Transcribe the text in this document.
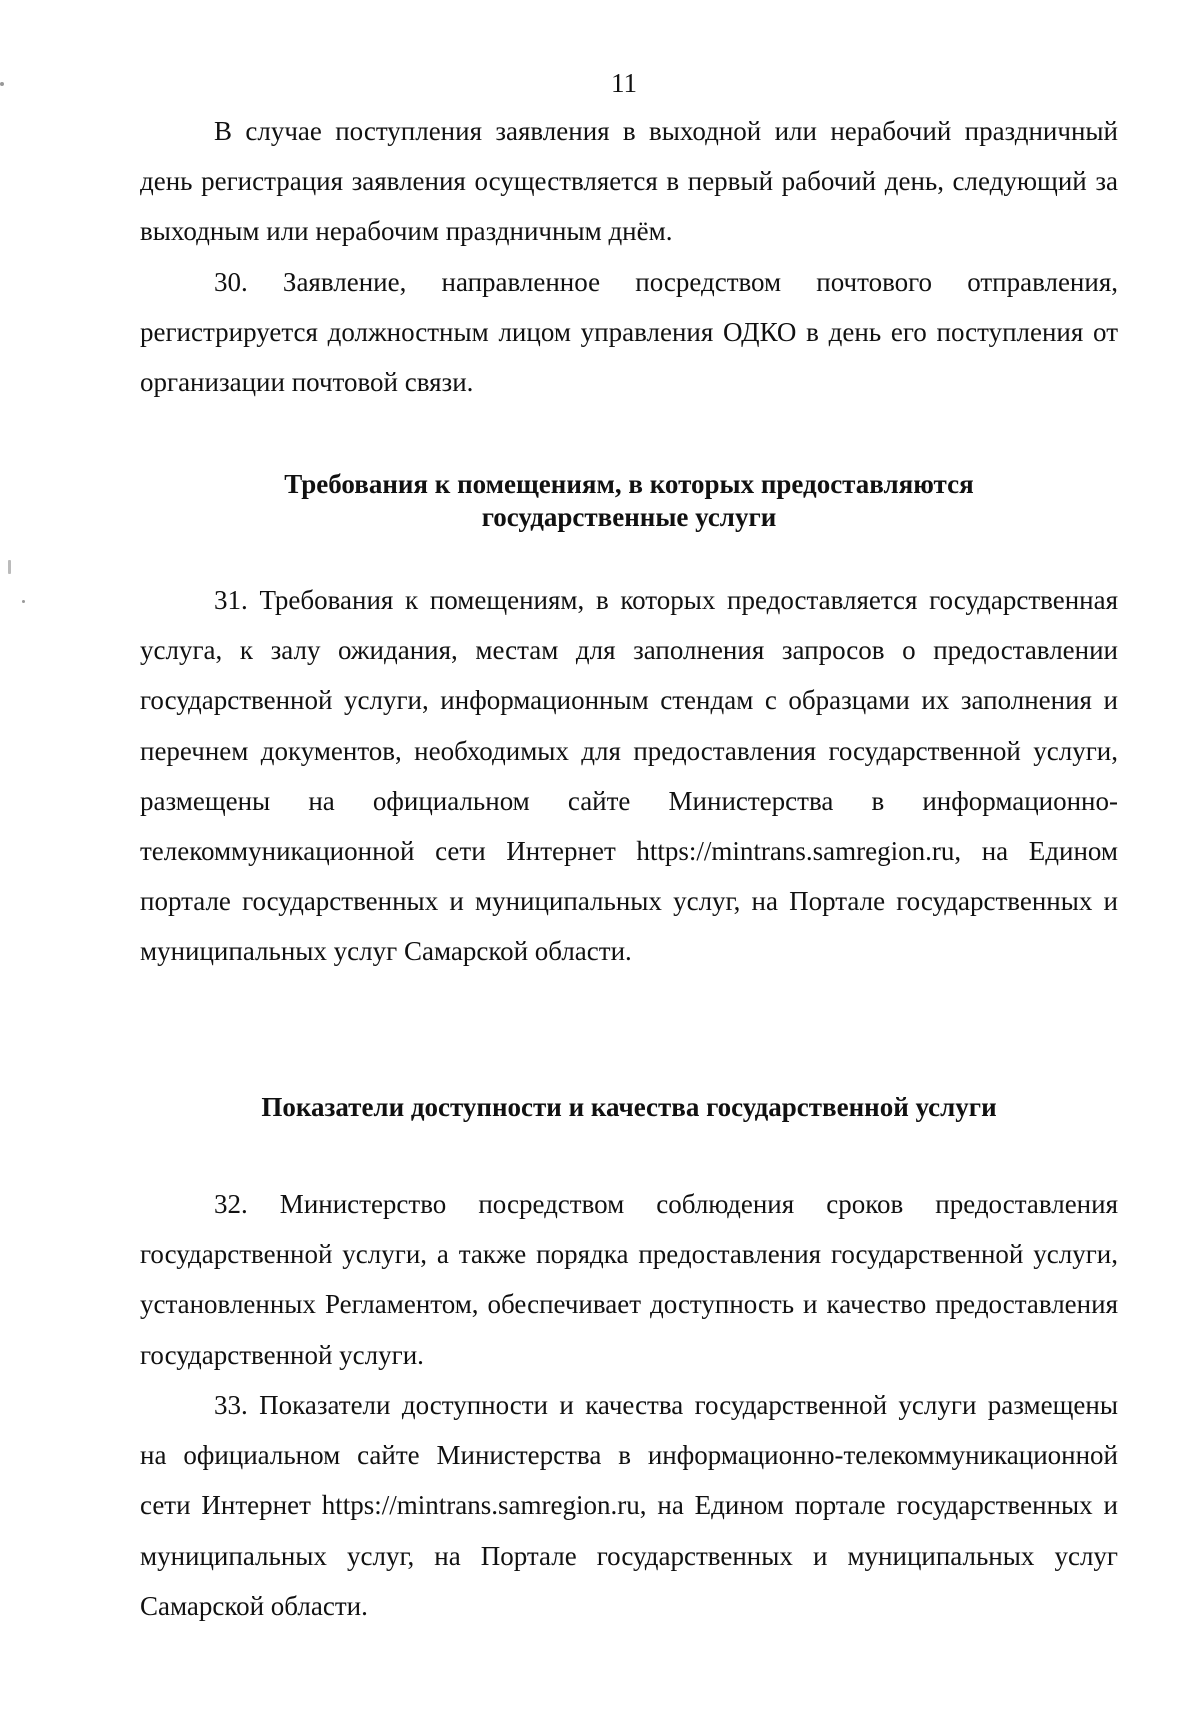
11

В случае поступления заявления в выходной или нерабочий праздничный день регистрация заявления осуществляется в первый рабочий день, следующий за выходным или нерабочим праздничным днём.

30. Заявление, направленное посредством почтового отправления, регистрируется должностным лицом управления ОДКО в день его поступления от организации почтовой связи.

Требования к помещениям, в которых предоставляются
государственные услуги

31. Требования к помещениям, в которых предоставляется государственная услуга, к залу ожидания, местам для заполнения запросов о предоставлении государственной услуги, информационным стендам с образцами их заполнения и перечнем документов, необходимых для предоставления государственной услуги, размещены на официальном сайте Министерства в информационно-телекоммуникационной сети Интернет https://mintrans.samregion.ru, на Едином портале государственных и муниципальных услуг, на Портале государственных и муниципальных услуг Самарской области.

Показатели доступности и качества государственной услуги

32. Министерство посредством соблюдения сроков предоставления государственной услуги, а также порядка предоставления государственной услуги, установленных Регламентом, обеспечивает доступность и качество предоставления государственной услуги.

33. Показатели доступности и качества государственной услуги размещены на официальном сайте Министерства в информационно-телекоммуникационной сети Интернет https://mintrans.samregion.ru, на Едином портале государственных и муниципальных услуг, на Портале государственных и муниципальных услуг Самарской области.
